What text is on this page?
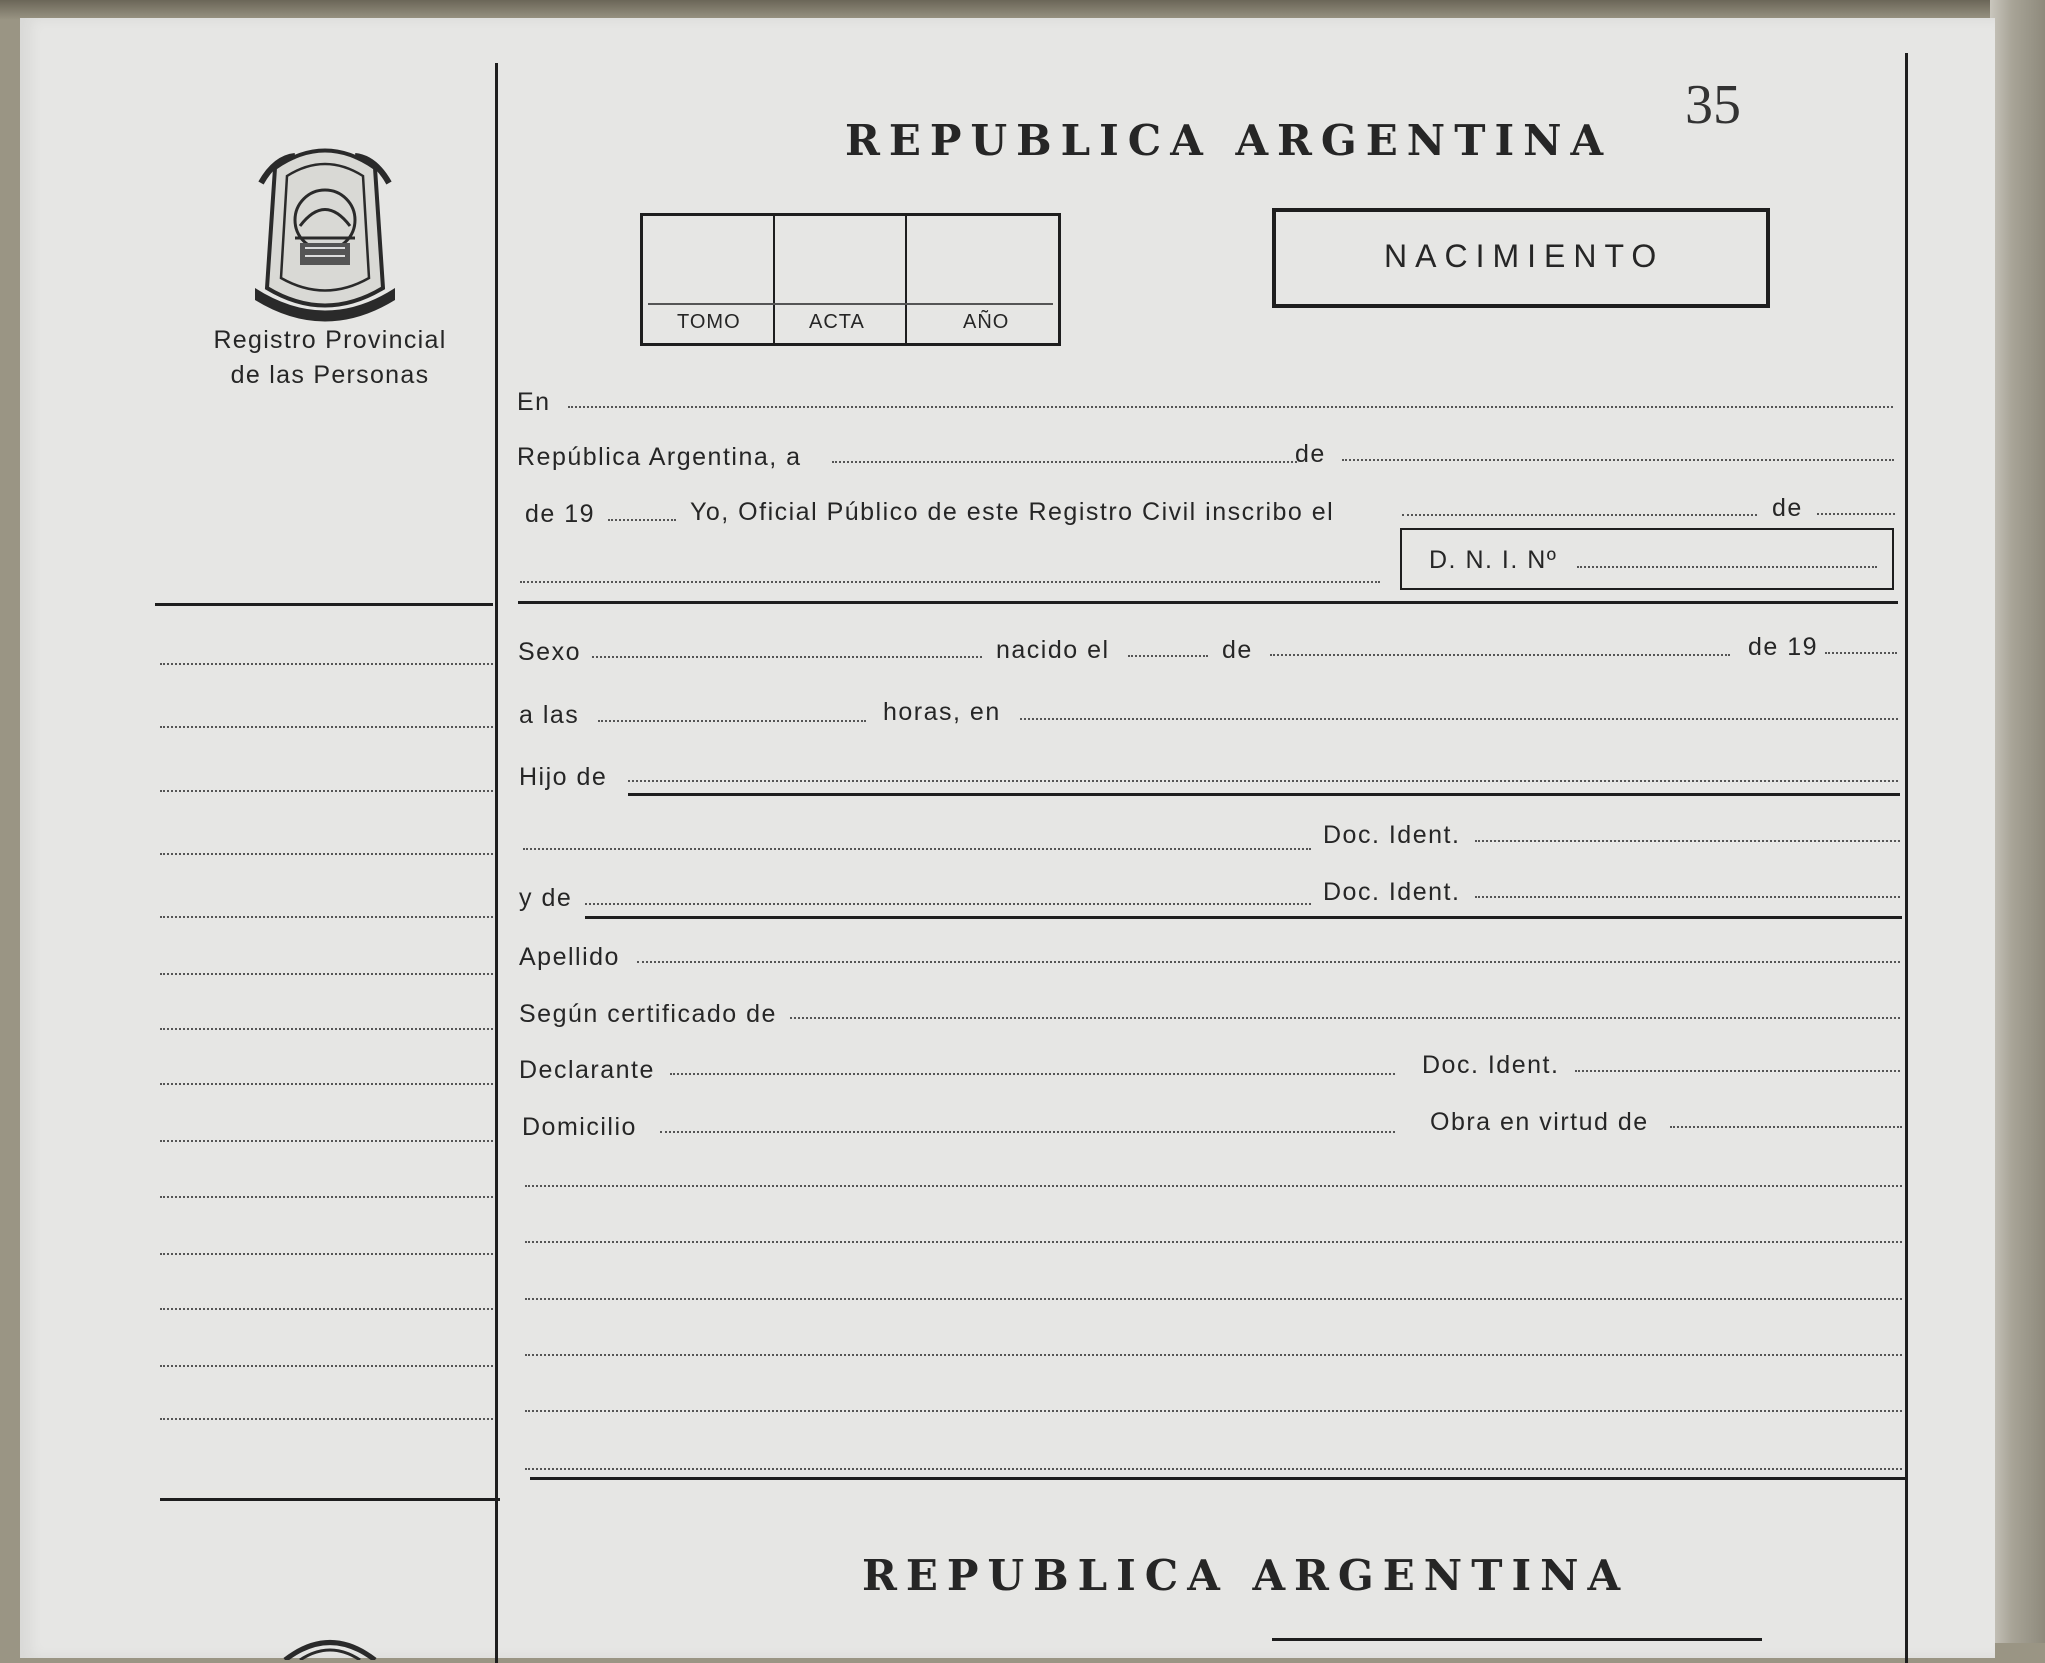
35
Registro Provincial
de las Personas
REPUBLICA ARGENTINA
TOMO	ACTA	AÑO
NACIMIENTO
En
República Argentina, a	de
de 19	Yo, Oficial Público de este Registro Civil inscribo el	de
D. N. I. Nº
Sexo	nacido el	de	de 19
a las	horas, en
Hijo de
Doc. Ident.
y de	Doc. Ident.
Apellido
Según certificado de
Declarante	Doc. Ident.
Domicilio	Obra en virtud de
REPUBLICA ARGENTINA
